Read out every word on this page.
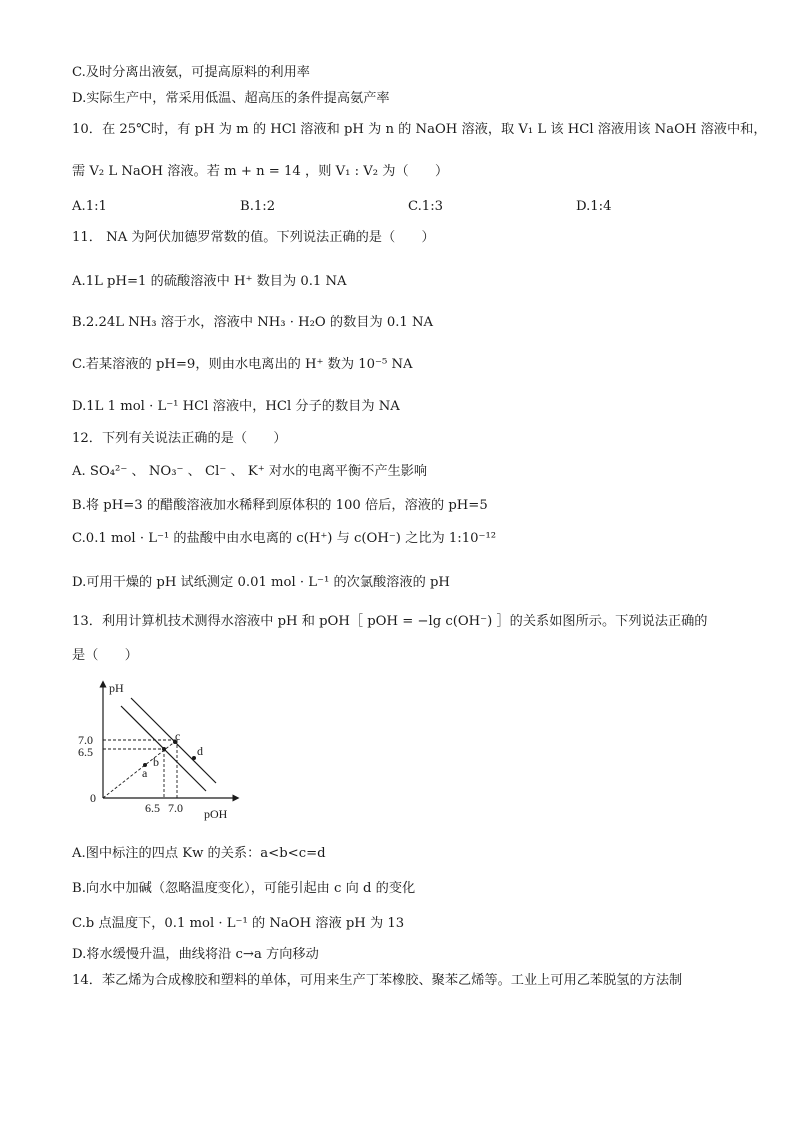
C.及时分离出液氨，可提高原料的利用率
D.实际生产中，常采用低温、超高压的条件提高氨产率
10．在 25℃时，有 pH 为 m 的 HCl 溶液和 pH 为 n 的 NaOH 溶液，取 V₁ L 该 HCl 溶液用该 NaOH 溶液中和，
需 V₂ L NaOH 溶液。若 m + n = 14 ，则 V₁ : V₂ 为（　　）
A.1:1	B.1:2	C.1:3	D.1:4
11． NA 为阿伏加德罗常数的值。下列说法正确的是（　　）
A.1L pH=1 的硫酸溶液中 H⁺ 数目为 0.1 NA
B.2.24L NH₃ 溶于水，溶液中 NH₃ · H₂O 的数目为 0.1 NA
C.若某溶液的 pH=9，则由水电离出的 H⁺ 数为 10⁻⁵ NA
D.1L 1 mol · L⁻¹ HCl 溶液中，HCl 分子的数目为 NA
12．下列有关说法正确的是（　　）
A. SO₄²⁻ 、 NO₃⁻ 、 Cl⁻ 、 K⁺ 对水的电离平衡不产生影响
B.将 pH=3 的醋酸溶液加水稀释到原体积的 100 倍后，溶液的 pH=5
C.0.1 mol · L⁻¹ 的盐酸中由水电离的 c(H⁺) 与 c(OH⁻) 之比为 1:10⁻¹²
D.可用干燥的 pH 试纸测定 0.01 mol · L⁻¹ 的次氯酸溶液的 pH
13．利用计算机技术测得水溶液中 pH 和 pOH［ pOH = −lg c(OH⁻) ］的关系如图所示。下列说法正确的
是（　　）
pH
pOH
0
7.0
6.5
6.5 7.0
a
b
c
d
A.图中标注的四点 Kw 的关系：a<b<c=d
B.向水中加碱（忽略温度变化），可能引起由 c 向 d 的变化
C.b 点温度下，0.1 mol · L⁻¹ 的 NaOH 溶液 pH 为 13
D.将水缓慢升温，曲线将沿 c→a 方向移动
14．苯乙烯为合成橡胶和塑料的单体，可用来生产丁苯橡胶、聚苯乙烯等。工业上可用乙苯脱氢的方法制
